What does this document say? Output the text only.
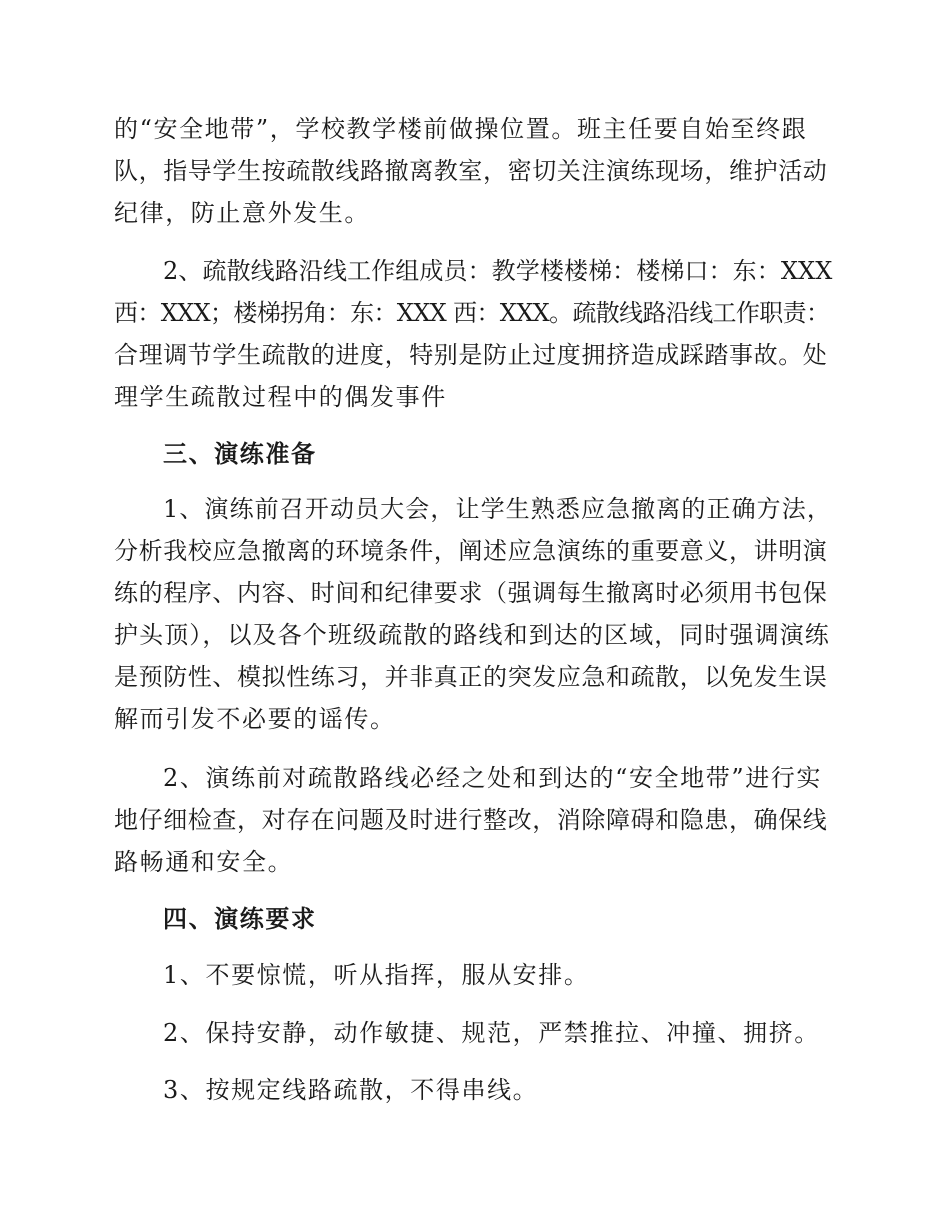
的“安全地带”，学校教学楼前做操位置。班主任要自始至终跟
队，指导学生按疏散线路撤离教室，密切关注演练现场，维护活动
纪律，防止意外发生。
2、疏散线路沿线工作组成员：教学楼楼梯：楼梯口：东：XXX
西：XXX；楼梯拐角：东：XXX 西：XXX。疏散线路沿线工作职责：
合理调节学生疏散的进度，特别是防止过度拥挤造成踩踏事故。处
理学生疏散过程中的偶发事件
三、演练准备
1、演练前召开动员大会，让学生熟悉应急撤离的正确方法，
分析我校应急撤离的环境条件，阐述应急演练的重要意义，讲明演
练的程序、内容、时间和纪律要求（强调每生撤离时必须用书包保
护头顶），以及各个班级疏散的路线和到达的区域，同时强调演练
是预防性、模拟性练习，并非真正的突发应急和疏散，以免发生误
解而引发不必要的谣传。
2、演练前对疏散路线必经之处和到达的“安全地带”进行实
地仔细检查，对存在问题及时进行整改，消除障碍和隐患，确保线
路畅通和安全。
四、演练要求
1、不要惊慌，听从指挥，服从安排。
2、保持安静，动作敏捷、规范，严禁推拉、冲撞、拥挤。
3、按规定线路疏散，不得串线。
